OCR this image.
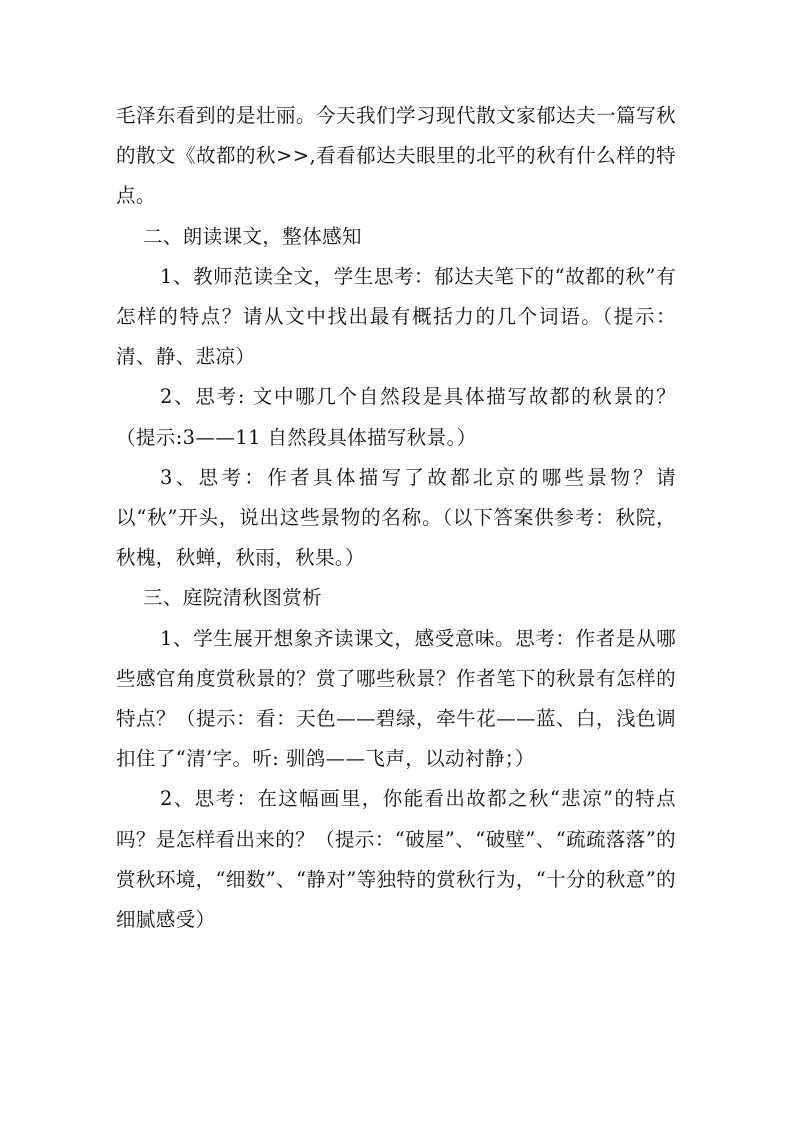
毛泽东看到的是壮丽。今天我们学习现代散文家郁达夫一篇写秋的散文《故都的秋>>,看看郁达夫眼里的北平的秋有什么样的特点。

二、朗读课文，整体感知

1、教师范读全文，学生思考：郁达夫笔下的“故都的秋”有怎样的特点？请从文中找出最有概括力的几个词语。（提示：清、静、悲凉）

2、思考: 文中哪几个自然段是具体描写故都的秋景的？（提示:3——11 自然段具体描写秋景。）

3、思考：作者具体描写了故都北京的哪些景物？请以“秋”开头，说出这些景物的名称。（以下答案供参考：秋院，秋槐，秋蝉，秋雨，秋果。）

三、庭院清秋图赏析

1、学生展开想象齐读课文，感受意味。思考：作者是从哪些感官角度赏秋景的？赏了哪些秋景？作者笔下的秋景有怎样的特点？（提示：看：天色——碧绿，牵牛花——蓝、白，浅色调扣住了“清’字。听: 驯鸽——飞声，以动衬静；）

2、思考：在这幅画里，你能看出故都之秋“悲凉”的特点吗？是怎样看出来的？（提示：“破屋”、“破壁”、“疏疏落落”的赏秋环境，“细数”、“静对”等独特的赏秋行为，“十分的秋意”的细腻感受）
